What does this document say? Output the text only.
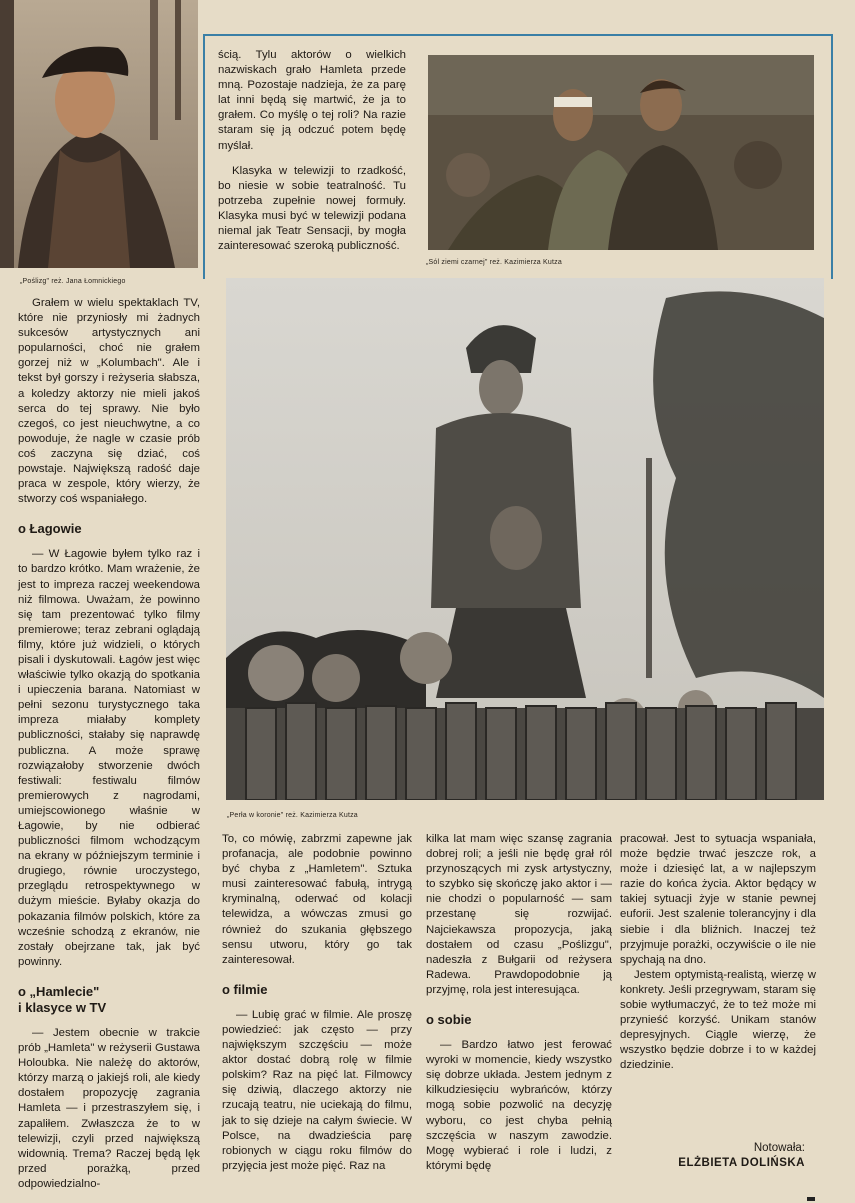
„Poślizg" reż. Jana Łomnickiego

ścią. Tylu aktorów o wielkich nazwiskach grało Hamleta przede mną. Pozostaje nadzieja, że za parę lat inni będą się martwić, że ja to grałem. Co myślę o tej roli? Na razie staram się ją odczuć potem będę myślał.

Klasyka w telewizji to rzadkość, bo niesie w sobie teatralność. Tu potrzeba zupełnie nowej formuły. Klasyka musi być w telewizji podana niemal jak Teatr Sensacji, by mogła zainteresować szeroką publiczność.

„Sól ziemi czarnej" reż. Kazimierza Kutza
„Perła w koronie" reż. Kazimierza Kutza

Grałem w wielu spektaklach TV, które nie przyniosły mi żadnych sukcesów artystycznych ani popularności, choć nie grałem gorzej niż w „Kolumbach". Ale i tekst był gorszy i reżyseria słabsza, a koledzy aktorzy nie mieli jakoś serca do tej sprawy. Nie było czegoś, co jest nieuchwytne, a co powoduje, że nagle w czasie prób coś zaczyna się dziać, coś powstaje. Największą radość daje praca w zespole, który wierzy, że stworzy coś wspaniałego.

o Łagowie

— W Łagowie byłem tylko raz i to bardzo krótko. Mam wrażenie, że jest to impreza raczej weekendowa niż filmowa. Uważam, że powinno się tam prezentować tylko filmy premierowe; teraz zebrani oglądają filmy, które już widzieli, o których pisali i dyskutowali. Łagów jest więc właściwie tylko okazją do spotkania i upieczenia barana. Natomiast w pełni sezonu turystycznego taka impreza miałaby komplety publiczności, stałaby się naprawdę publiczna. A może sprawę rozwiązałoby stworzenie dwóch festiwali: festiwalu filmów premierowych z nagrodami, umiejscowionego właśnie w Łagowie, by nie odbierać publiczności filmom wchodzącym na ekrany w późniejszym terminie i drugiego, równie uroczystego, przeglądu retrospektywnego w dużym mieście. Byłaby okazja do pokazania filmów polskich, które za wcześnie schodzą z ekranów, nie zostały obejrzane tak, jak być powinny.

o „Hamlecie"
i klasyce w TV

— Jestem obecnie w trakcie prób „Hamleta" w reżyserii Gustawa Holoubka. Nie należę do aktorów, którzy marzą o jakiejś roli, ale kiedy dostałem propozycję zagrania Hamleta — i przestraszyłem się, i zapaliłem. Zwłaszcza że to w telewizji, czyli przed największą widownią. Trema? Raczej będą lęk przed porażką, przed odpowiedzialno-

To, co mówię, zabrzmi zapewne jak profanacja, ale podobnie powinno być chyba z „Hamletem". Sztuka musi zainteresować fabułą, intrygą kryminalną, oderwać od kolacji telewidza, a wówczas zmusi go również do szukania głębszego sensu utworu, który go tak zainteresował.

o filmie

— Lubię grać w filmie. Ale proszę powiedzieć: jak często — przy największym szczęściu — może aktor dostać dobrą rolę w filmie polskim? Raz na pięć lat. Filmowcy się dziwią, dlaczego aktorzy nie rzucają teatru, nie uciekają do filmu, jak to się dzieje na całym świecie. W Polsce, na dwadzieścia parę robionych w ciągu roku filmów do przyjęcia jest może pięć. Raz na

kilka lat mam więc szansę zagrania dobrej roli; a jeśli nie będę grał ról przynoszących mi zysk artystyczny, to szybko się skończę jako aktor i — nie chodzi o popularność — sam przestanę się rozwijać. Najciekawsza propozycja, jaką dostałem od czasu „Poślizgu", nadeszła z Bułgarii od reżysera Radewa. Prawdopodobnie ją przyjmę, rola jest interesująca.

o sobie

— Bardzo łatwo jest ferować wyroki w momencie, kiedy wszystko się dobrze układa. Jestem jednym z kilkudziesięciu wybrańców, którzy mogą sobie pozwolić na decyzję wyboru, co jest chyba pełnią szczęścia w naszym zawodzie. Mogę wybierać i role i ludzi, z którymi będę

pracował. Jest to sytuacja wspaniała, może będzie trwać jeszcze rok, a może i dziesięć lat, a w najlepszym razie do końca życia. Aktor będący w takiej sytuacji żyje w stanie pewnej euforii. Jest szalenie tolerancyjny i dla siebie i dla bliźnich. Inaczej też przyjmuje porażki, oczywiście o ile nie spychają na dno.

Jestem optymistą-realistą, wierzę w konkrety. Jeśli przegrywam, staram się sobie wytłumaczyć, że to też może mi przynieść korzyść. Unikam stanów depresyjnych. Ciągle wierzę, że wszystko będzie dobrze i to w każdej dziedzinie.

Notowała:
ELŻBIETA DOLIŃSKA
